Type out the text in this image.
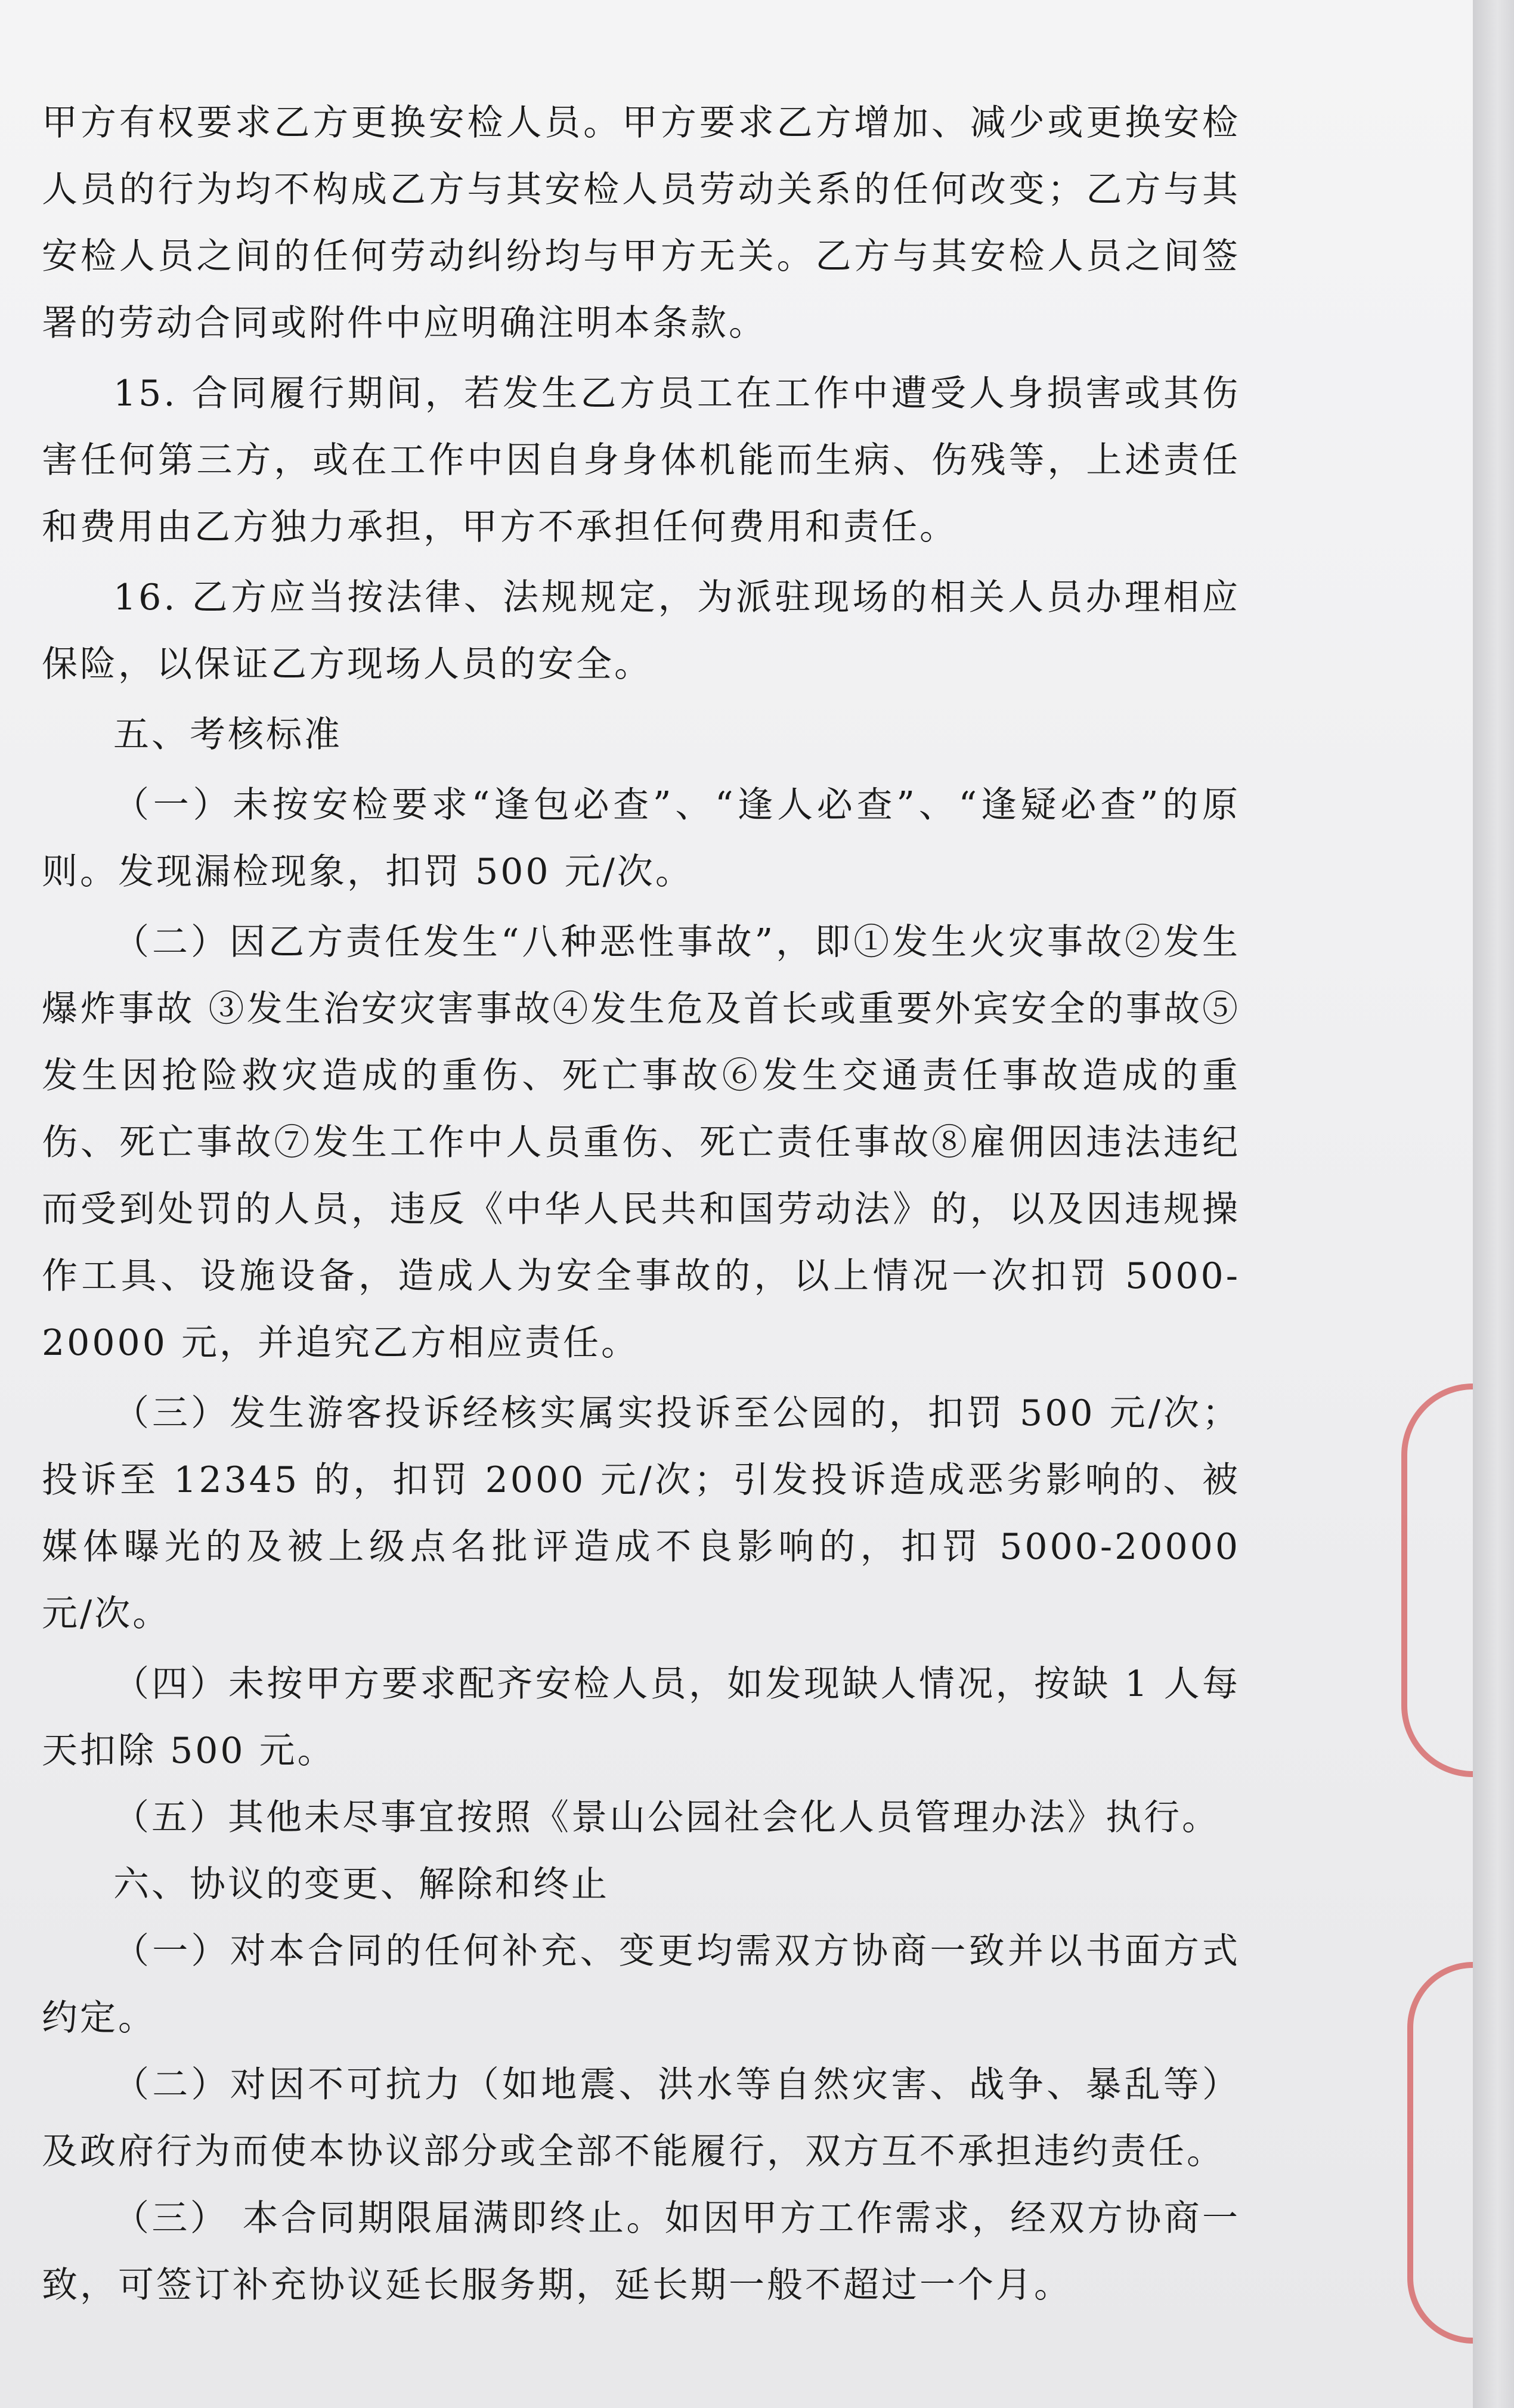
甲方有权要求乙方更换安检人员。甲方要求乙方增加、减少或更换安检人员的行为均不构成乙方与其安检人员劳动关系的任何改变；乙方与其安检人员之间的任何劳动纠纷均与甲方无关。乙方与其安检人员之间签署的劳动合同或附件中应明确注明本条款。

15. 合同履行期间，若发生乙方员工在工作中遭受人身损害或其伤害任何第三方，或在工作中因自身身体机能而生病、伤残等，上述责任和费用由乙方独力承担，甲方不承担任何费用和责任。

16. 乙方应当按法律、法规规定，为派驻现场的相关人员办理相应保险，以保证乙方现场人员的安全。

五、考核标准

（一）未按安检要求“逢包必查”、“逢人必查”、“逢疑必查”的原则。发现漏检现象，扣罚 500 元/次。

（二）因乙方责任发生“八种恶性事故”，即①发生火灾事故②发生爆炸事故 ③发生治安灾害事故④发生危及首长或重要外宾安全的事故⑤ 发生因抢险救灾造成的重伤、死亡事故⑥发生交通责任事故造成的重伤、死亡事故⑦发生工作中人员重伤、死亡责任事故⑧雇佣因违法违纪而受到处罚的人员，违反《中华人民共和国劳动法》的，以及因违规操作工具、设施设备，造成人为安全事故的，以上情况一次扣罚 5000-20000 元，并追究乙方相应责任。

（三）发生游客投诉经核实属实投诉至公园的，扣罚 500 元/次；投诉至 12345 的，扣罚 2000 元/次；引发投诉造成恶劣影响的、被媒体曝光的及被上级点名批评造成不良影响的，扣罚 5000-20000 元/次。

（四）未按甲方要求配齐安检人员，如发现缺人情况，按缺 1 人每天扣除 500 元。

（五）其他未尽事宜按照《景山公园社会化人员管理办法》执行。

六、协议的变更、解除和终止

（一）对本合同的任何补充、变更均需双方协商一致并以书面方式约定。

（二）对因不可抗力（如地震、洪水等自然灾害、战争、暴乱等）及政府行为而使本协议部分或全部不能履行，双方互不承担违约责任。

（三） 本合同期限届满即终止。如因甲方工作需求，经双方协商一致，可签订补充协议延长服务期，延长期一般不超过一个月。
